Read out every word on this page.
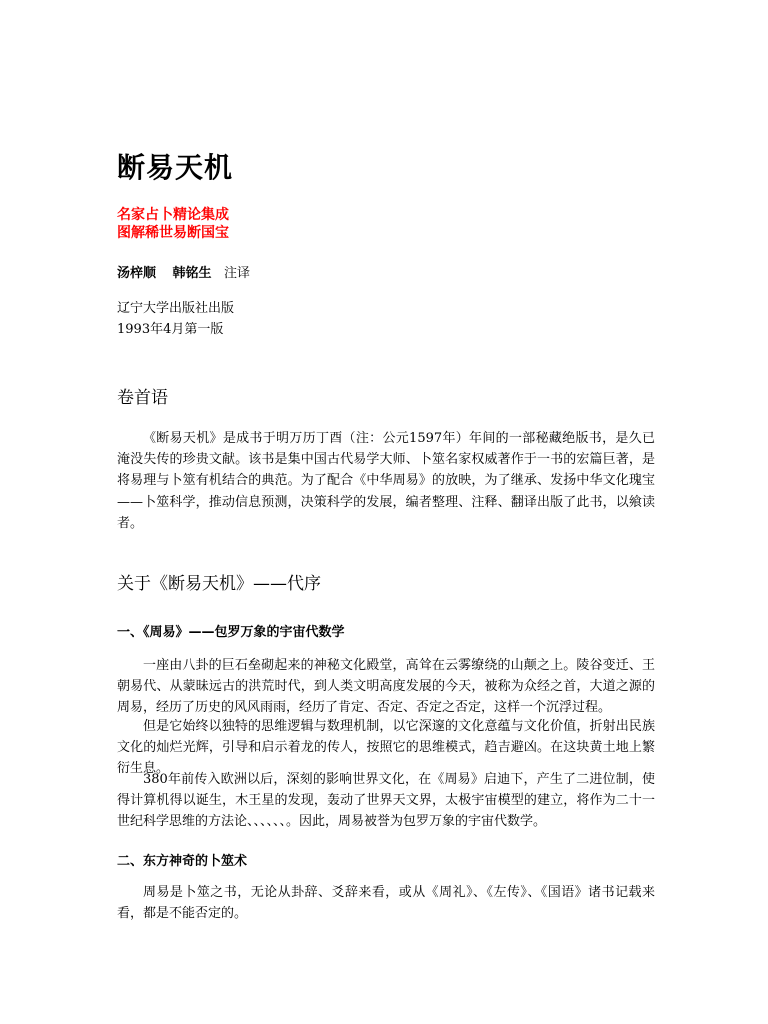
断易天机
名家占卜精论集成
图解稀世易断国宝
汤梓顺 韩铭生 注译
辽宁大学出版社出版
1993年4月第一版
卷首语

《断易天机》是成书于明万历丁酉（注：公元1597年）年间的一部秘藏绝版书，是久已淹没失传的珍贵文献。该书是集中国古代易学大师、卜筮名家权威著作于一书的宏篇巨著，是将易理与卜筮有机结合的典范。为了配合《中华周易》的放映，为了继承、发扬中华文化瑰宝——卜筮科学，推动信息预测，决策科学的发展，编者整理、注释、翻译出版了此书，以飨读者。

关于《断易天机》——代序
一、《周易》——包罗万象的宇宙代数学

一座由八卦的巨石垒砌起来的神秘文化殿堂，高耸在云雾缭绕的山颠之上。陵谷变迁、王朝易代、从蒙昧远古的洪荒时代，到人类文明高度发展的今天，被称为众经之首，大道之源的周易，经历了历史的风风雨雨，经历了肯定、否定、否定之否定，这样一个沉浮过程。

但是它始终以独特的思维逻辑与数理机制，以它深邃的文化意蕴与文化价值，折射出民族文化的灿烂光辉，引导和启示着龙的传人，按照它的思维模式，趋吉避凶。在这块黄土地上繁衍生息。

380年前传入欧洲以后，深刻的影响世界文化，在《周易》启迪下，产生了二进位制，使得计算机得以诞生，木王星的发现，轰动了世界天文界，太极宇宙模型的建立，将作为二十一世纪科学思维的方法论、、、、、、。因此，周易被誉为包罗万象的宇宙代数学。

二、东方神奇的卜筮术

周易是卜筮之书，无论从卦辞、爻辞来看，或从《周礼》、《左传》、《国语》诸书记载来看，都是不能否定的。
